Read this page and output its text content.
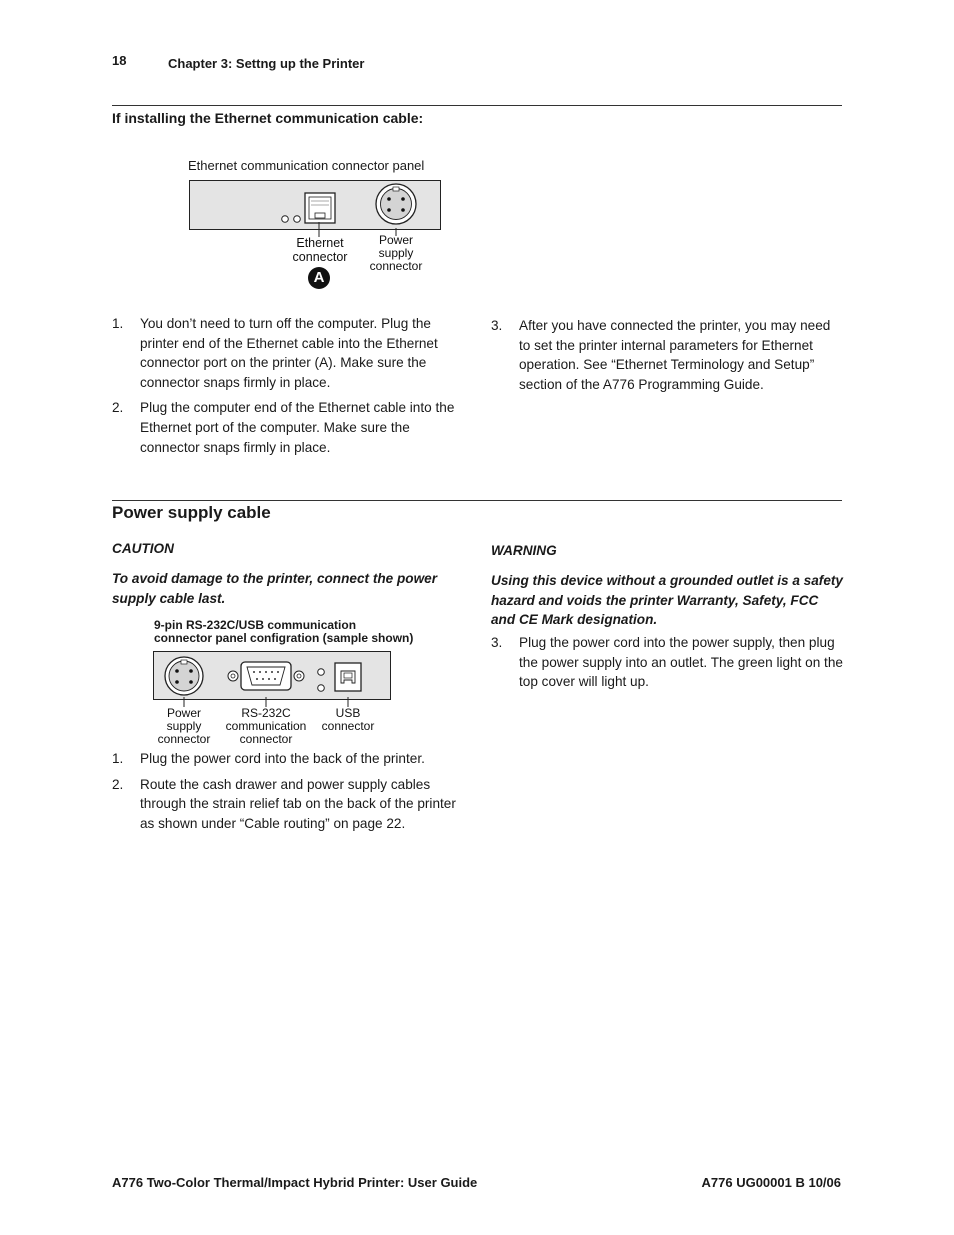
18	Chapter 3: Settng up the Printer
If installing the Ethernet communication cable:
Ethernet communication connector panel
Ethernet
connector
Power
supply
connector
A
1. You don’t need to turn off the computer. Plug the printer end of the Ethernet cable into the Ethernet connector port on the printer (A). Make sure the connector snaps firmly in place.
2. Plug the computer end of the Ethernet cable into the Ethernet port of the computer. Make sure the connector snaps firmly in place.
3. After you have connected the printer, you may need to set the printer internal parameters for Ethernet operation. See “Ethernet Terminology and Setup” section of the A776 Programming Guide.
Power supply cable
CAUTION
To avoid damage to the printer, connect the power supply cable last.
9-pin RS-232C/USB communication
connector panel configration (sample shown)
Power
supply
connector
RS-232C
communication
connector
USB
connector
1. Plug the power cord into the back of the printer.
2. Route the cash drawer and power supply cables through the strain relief tab on the back of the printer as shown under “Cable routing” on page 22.
WARNING
Using this device without a grounded outlet is a safety hazard and voids the printer Warranty, Safety, FCC and CE Mark designation.
3. Plug the power cord into the power supply, then plug the power supply into an outlet. The green light on the top cover will light up.
A776 Two-Color Thermal/Impact Hybrid Printer: User Guide	A776 UG00001 B 10/06
